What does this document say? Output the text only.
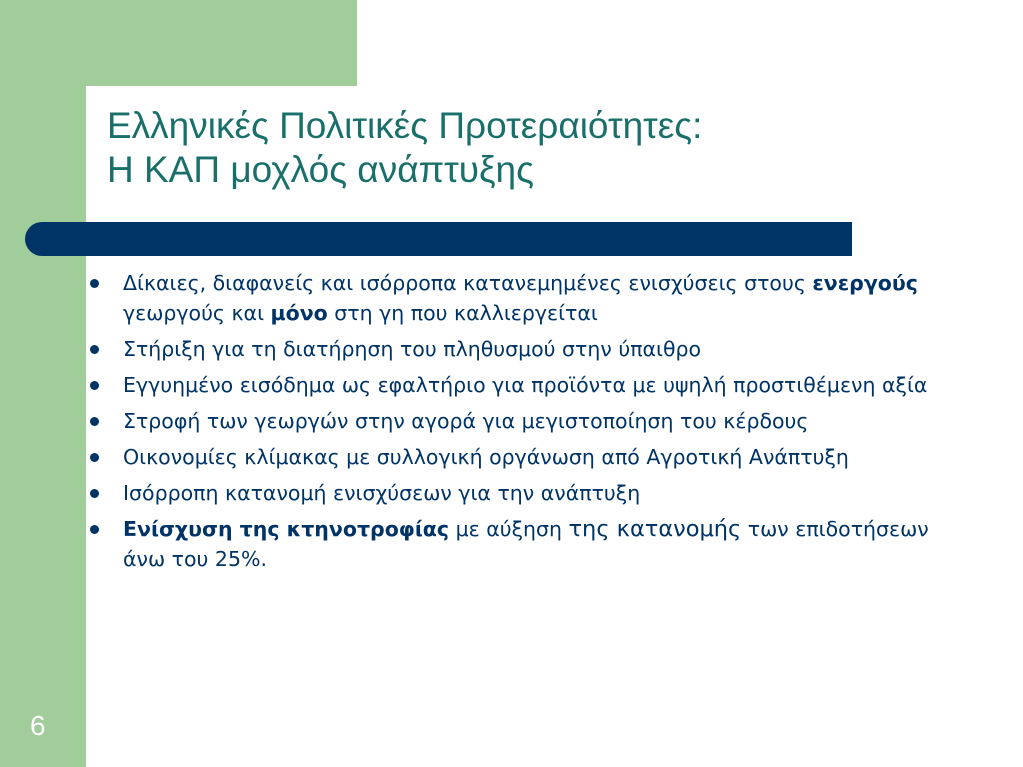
Ελληνικές Πολιτικές Προτεραιότητες:
Η ΚΑΠ μοχλός ανάπτυξης
Δίκαιες, διαφανείς και ισόρροπα κατανεμημένες ενισχύσεις στους ενεργούς γεωργούς και μόνο στη γη που καλλιεργείται
Στήριξη για τη διατήρηση του πληθυσμού στην ύπαιθρο
Εγγυημένο εισόδημα ως εφαλτήριο για προϊόντα με υψηλή προστιθέμενη αξία
Στροφή των γεωργών στην αγορά για μεγιστοποίηση του κέρδους
Οικονομίες κλίμακας με συλλογική οργάνωση από Αγροτική Ανάπτυξη
Ισόρροπη κατανομή ενισχύσεων για την ανάπτυξη
Ενίσχυση της κτηνοτροφίας με αύξηση της κατανομής των επιδοτήσεων άνω του 25%.
6
